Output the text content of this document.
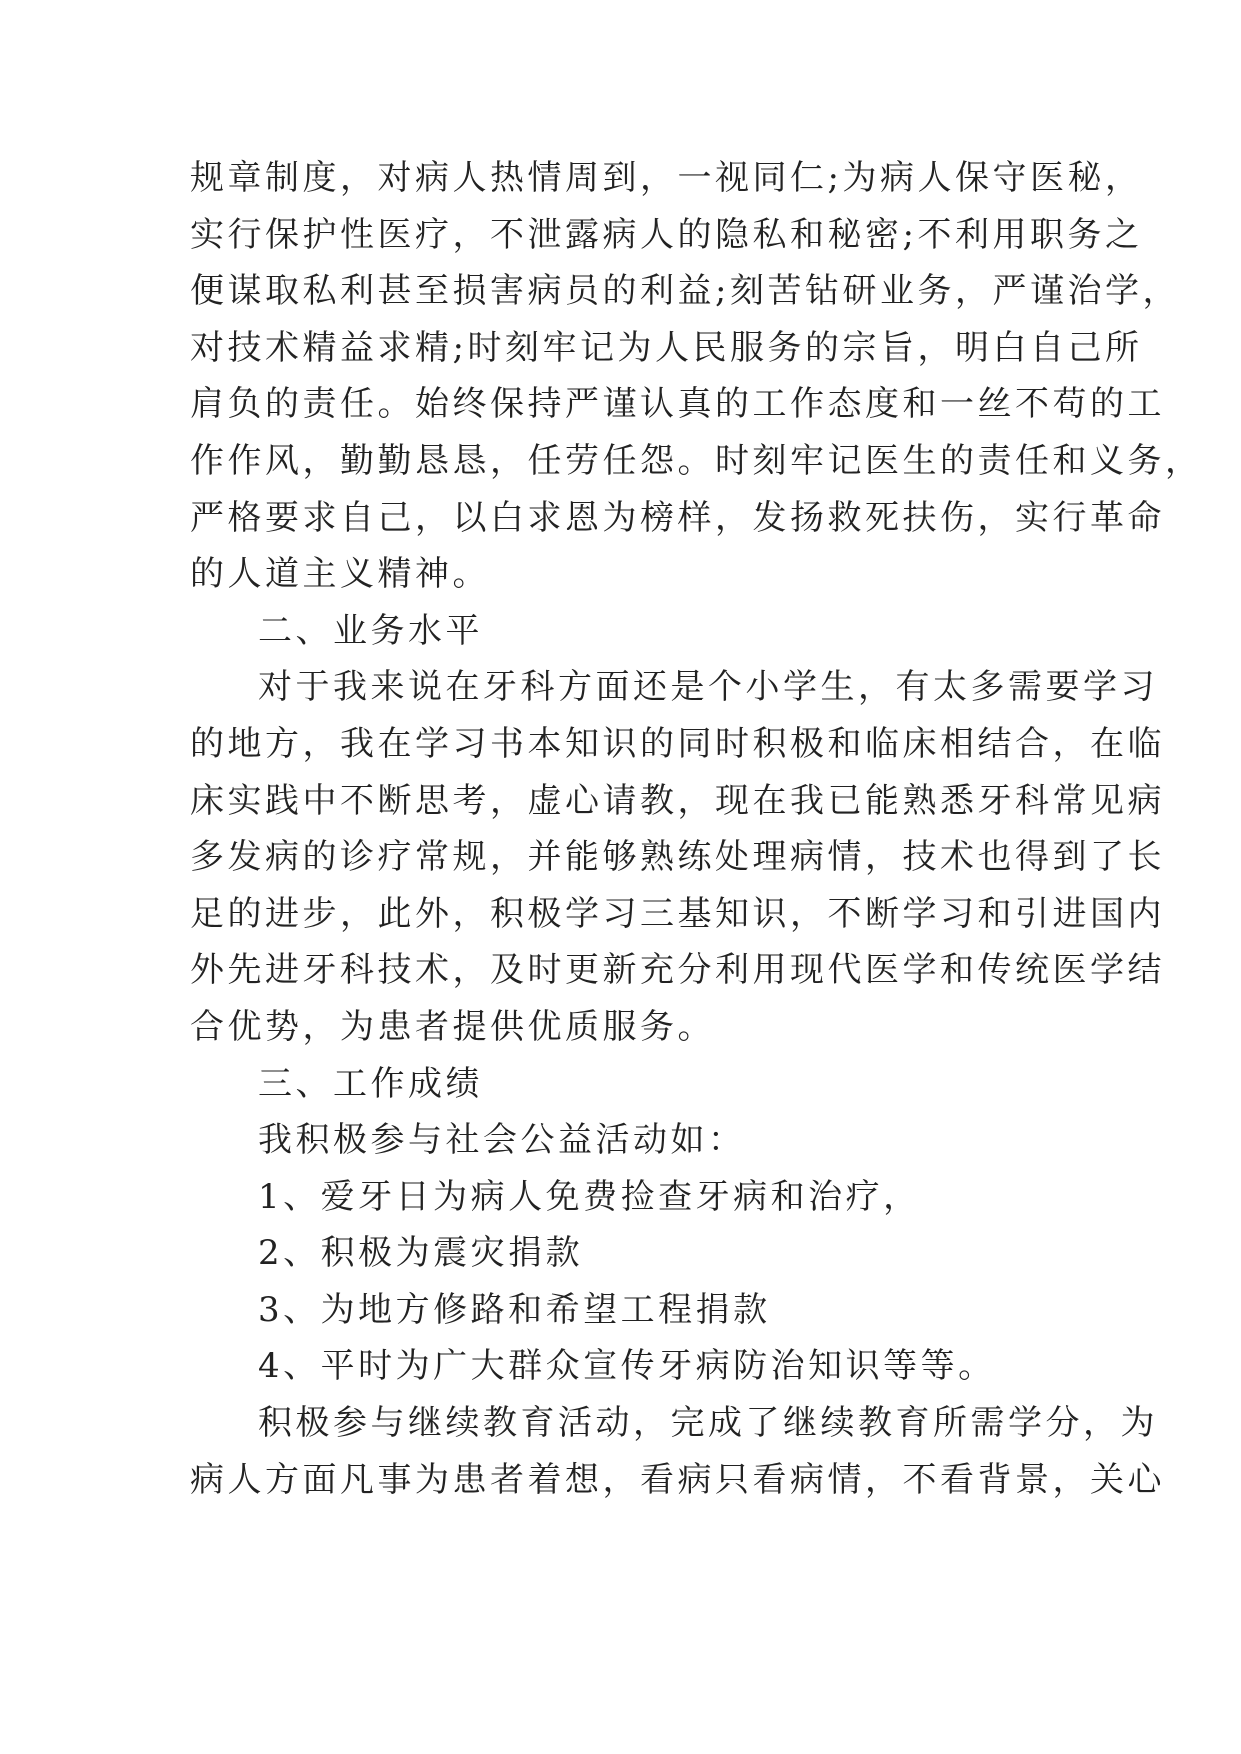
规章制度，对病人热情周到，一视同仁;为病人保守医秘，
实行保护性医疗，不泄露病人的隐私和秘密;不利用职务之
便谋取私利甚至损害病员的利益;刻苦钻研业务，严谨治学，
对技术精益求精;时刻牢记为人民服务的宗旨，明白自己所
肩负的责任。始终保持严谨认真的工作态度和一丝不苟的工
作作风，勤勤恳恳，任劳任怨。时刻牢记医生的责任和义务，
严格要求自己，以白求恩为榜样，发扬救死扶伤，实行革命
的人道主义精神。
二、业务水平
对于我来说在牙科方面还是个小学生，有太多需要学习
的地方，我在学习书本知识的同时积极和临床相结合，在临
床实践中不断思考，虚心请教，现在我已能熟悉牙科常见病
多发病的诊疗常规，并能够熟练处理病情，技术也得到了长
足的进步，此外，积极学习三基知识，不断学习和引进国内
外先进牙科技术，及时更新充分利用现代医学和传统医学结
合优势，为患者提供优质服务。
三、工作成绩
我积极参与社会公益活动如：
1、爱牙日为病人免费捡查牙病和治疗，
2、积极为震灾捐款
3、为地方修路和希望工程捐款
4、平时为广大群众宣传牙病防治知识等等。
积极参与继续教育活动，完成了继续教育所需学分，为
病人方面凡事为患者着想，看病只看病情，不看背景，关心
